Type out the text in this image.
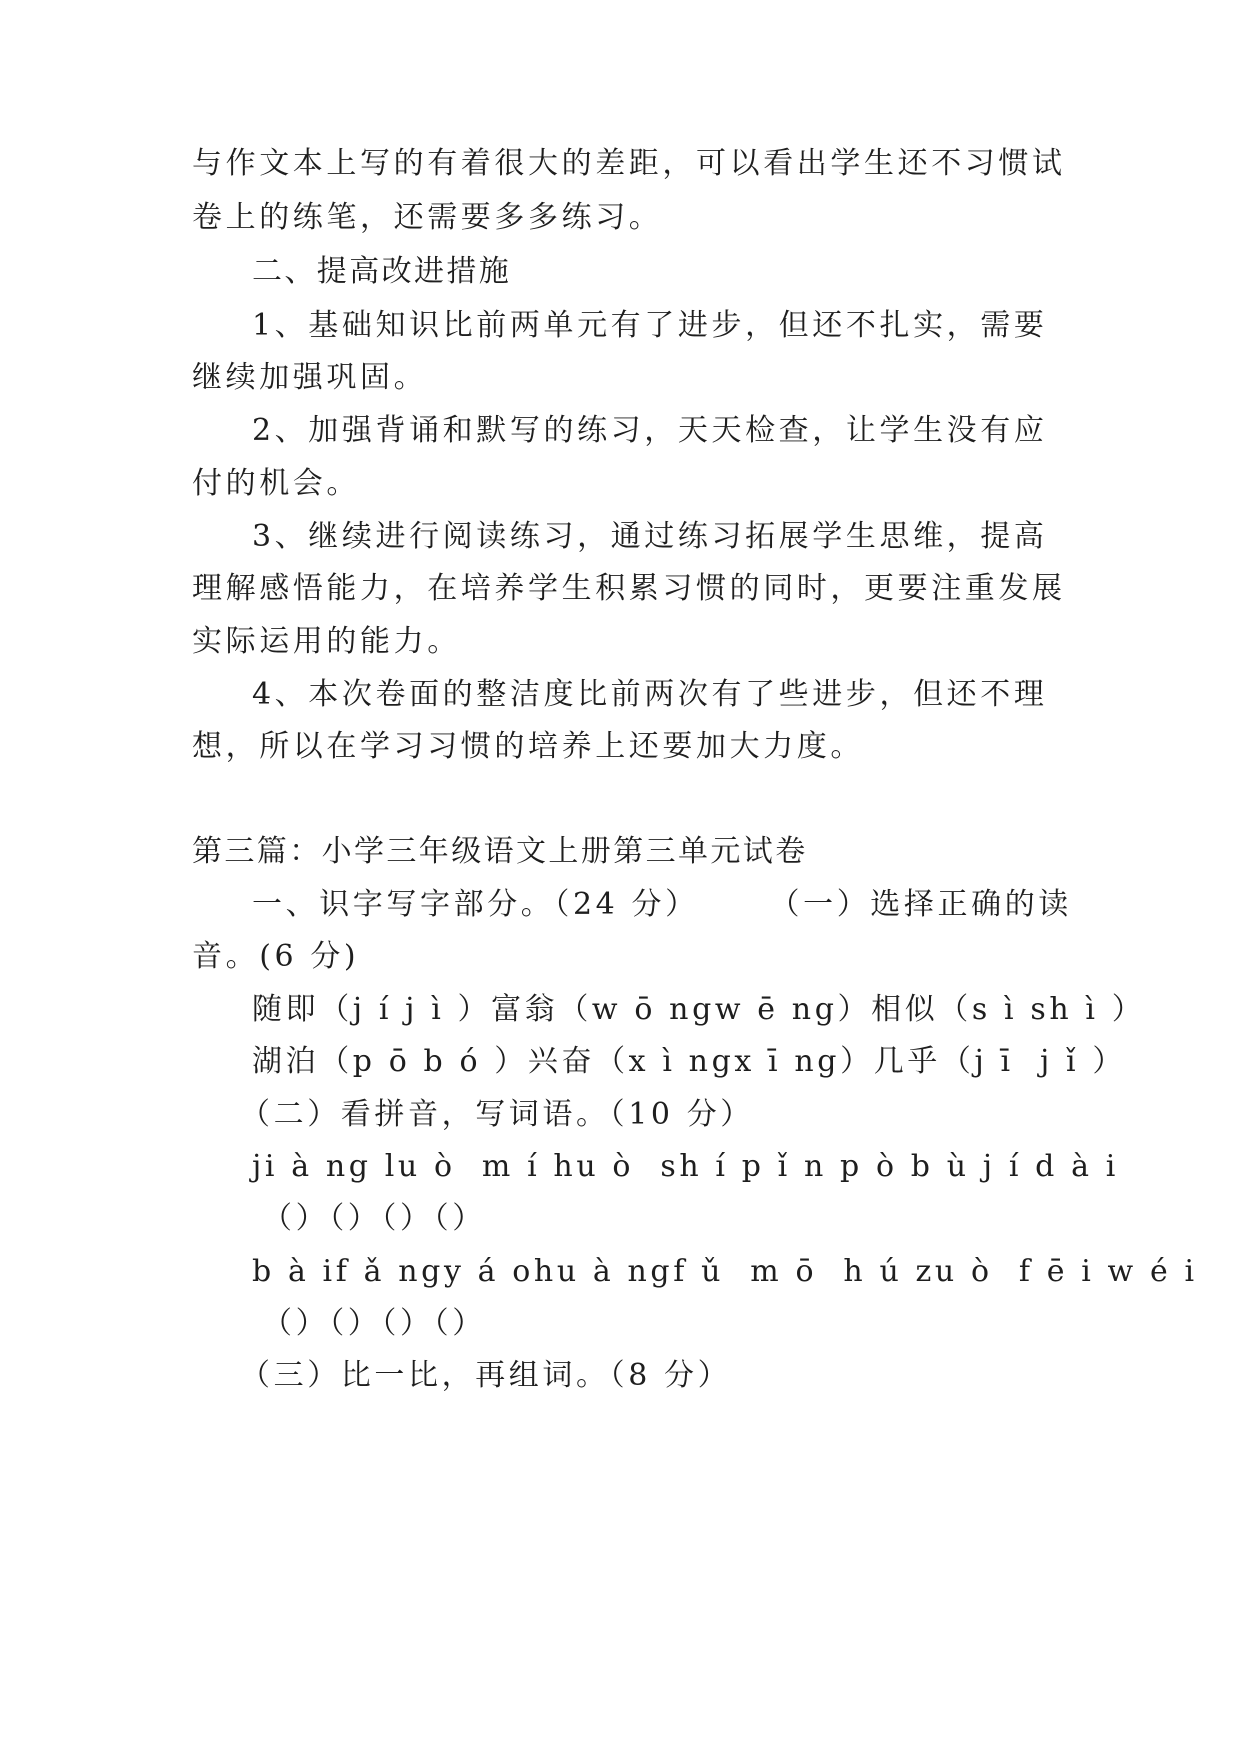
与作文本上写的有着很大的差距，可以看出学生还不习惯试
卷上的练笔，还需要多多练习。
二、提高改进措施
1、基础知识比前两单元有了进步，但还不扎实，需要
继续加强巩固。
2、加强背诵和默写的练习，天天检查，让学生没有应
付的机会。
3、继续进行阅读练习，通过练习拓展学生思维，提高
理解感悟能力，在培养学生积累习惯的同时，更要注重发展
实际运用的能力。
4、本次卷面的整洁度比前两次有了些进步，但还不理
想，所以在学习习惯的培养上还要加大力度。
第三篇：小学三年级语文上册第三单元试卷
一、识字写字部分。（24 分）　　　（一）选择正确的读
音。(6 分)
随即（j í j ì ）富翁（w ō ngw ē ng）相似（s ì sh ì ）
湖泊（p ō b ó ）兴奋（x ì ngx ī ng）几乎（j ī  j ǐ ）
（二）看拼音，写词语。（10 分）
ji à ng lu ò  m í hu ò  sh í p ǐ n p ò b ù j í d à i
（）（）（）（）
b à if ǎ ngy á ohu à ngf ǔ  m ō  h ú zu ò  f ē i w é i
（）（）（）（）
（三）比一比，再组词。（8 分）
